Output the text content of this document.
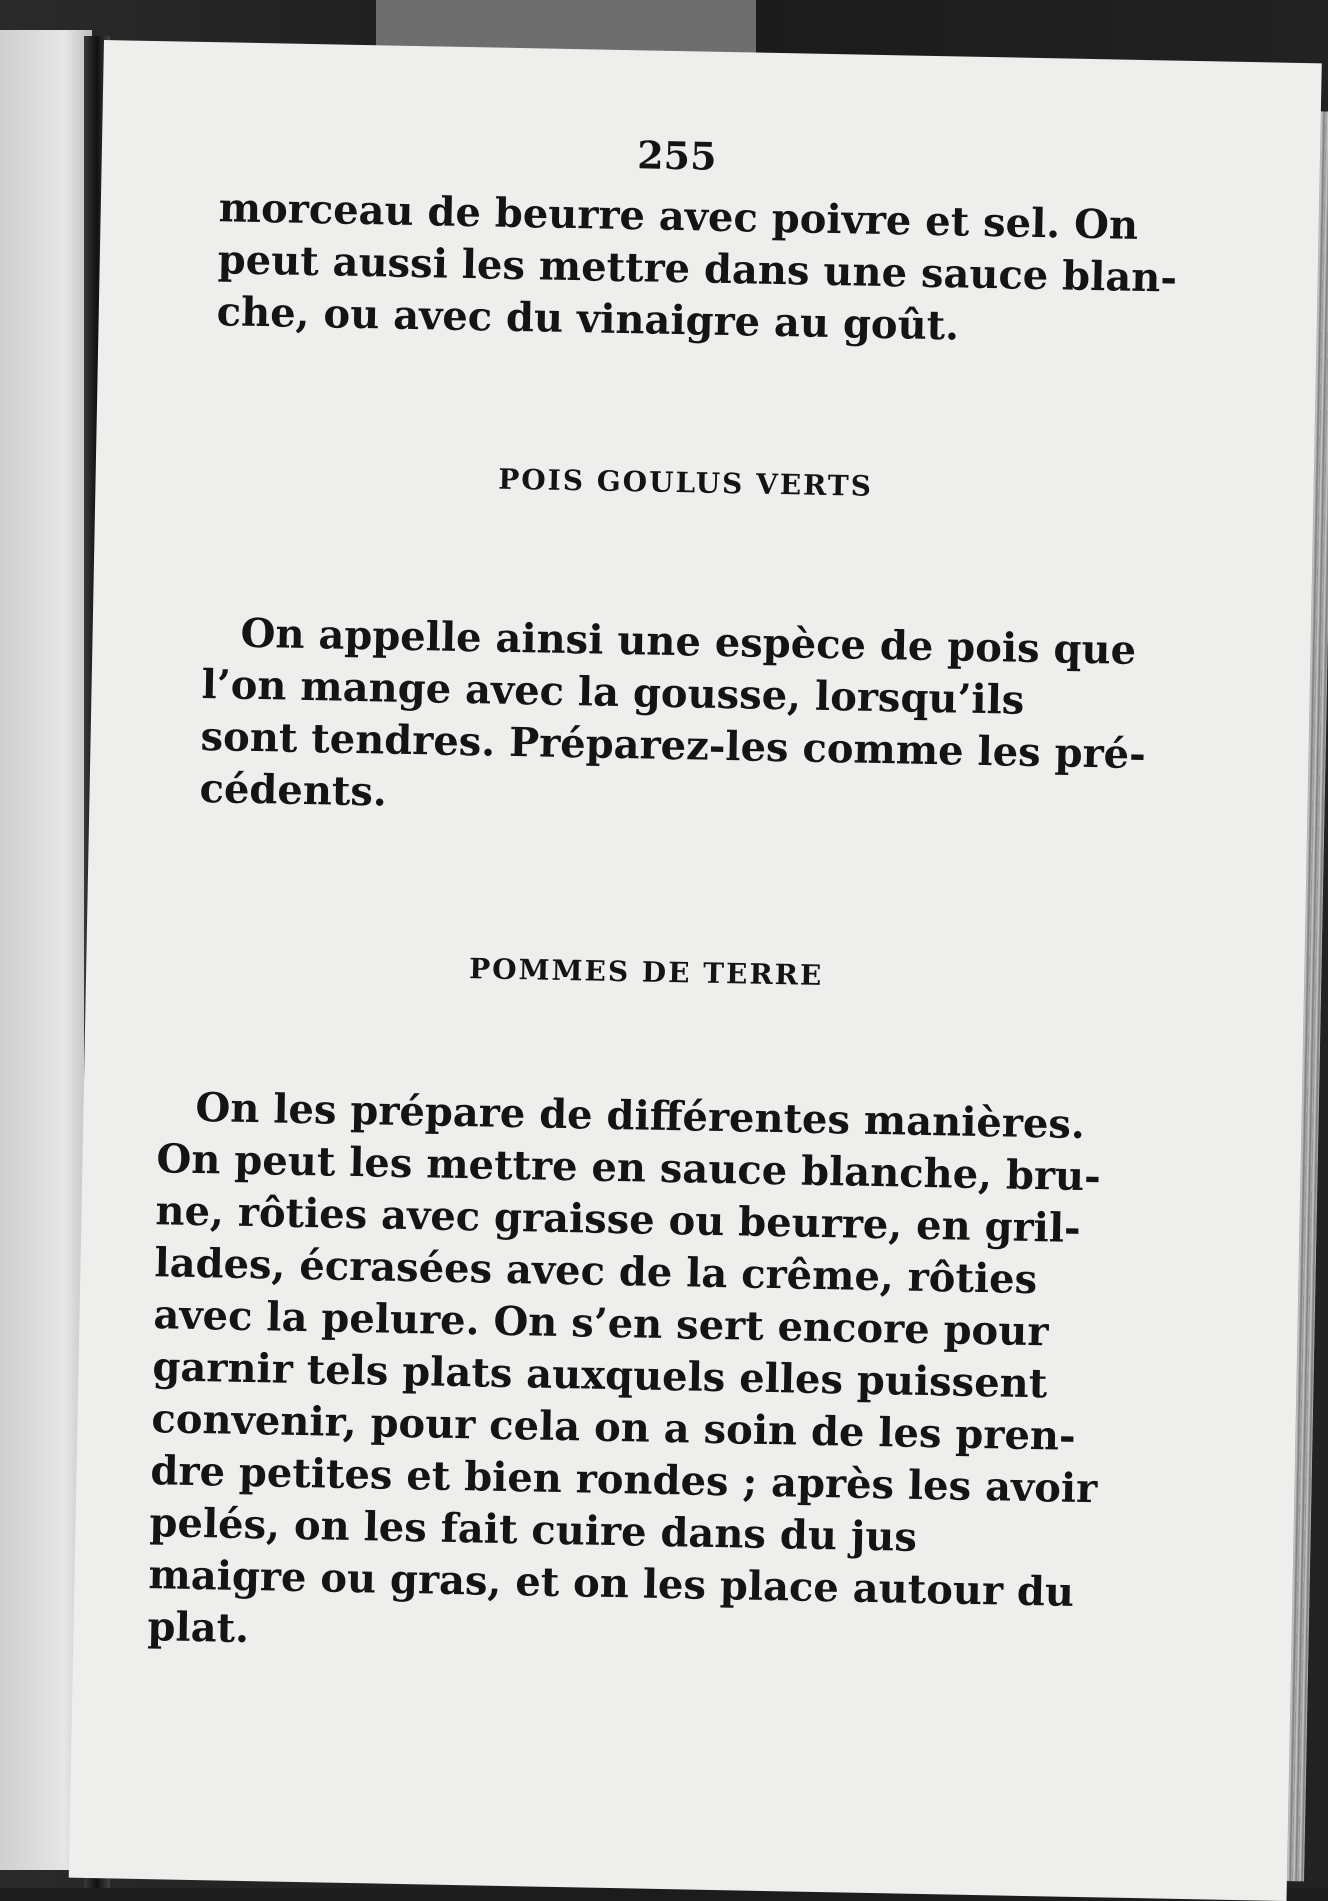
255

morceau de beurre avec poivre et sel. On
peut aussi les mettre dans une sauce blan-
che, ou avec du vinaigre au goût.

POIS GOULUS VERTS

On appelle ainsi une espèce de pois que
l’on mange avec la gousse, lorsqu’ils
sont tendres. Préparez-les comme les pré-
cédents.

POMMES DE TERRE

On les prépare de différentes manières.
On peut les mettre en sauce blanche, bru-
ne, rôties avec graisse ou beurre, en gril-
lades, écrasées avec de la crême, rôties
avec la pelure. On s’en sert encore pour
garnir tels plats auxquels elles puissent
convenir, pour cela on a soin de les pren-
dre petites et bien rondes ; après les avoir
pelés, on les fait cuire dans du jus
maigre ou gras, et on les place autour du
plat.
